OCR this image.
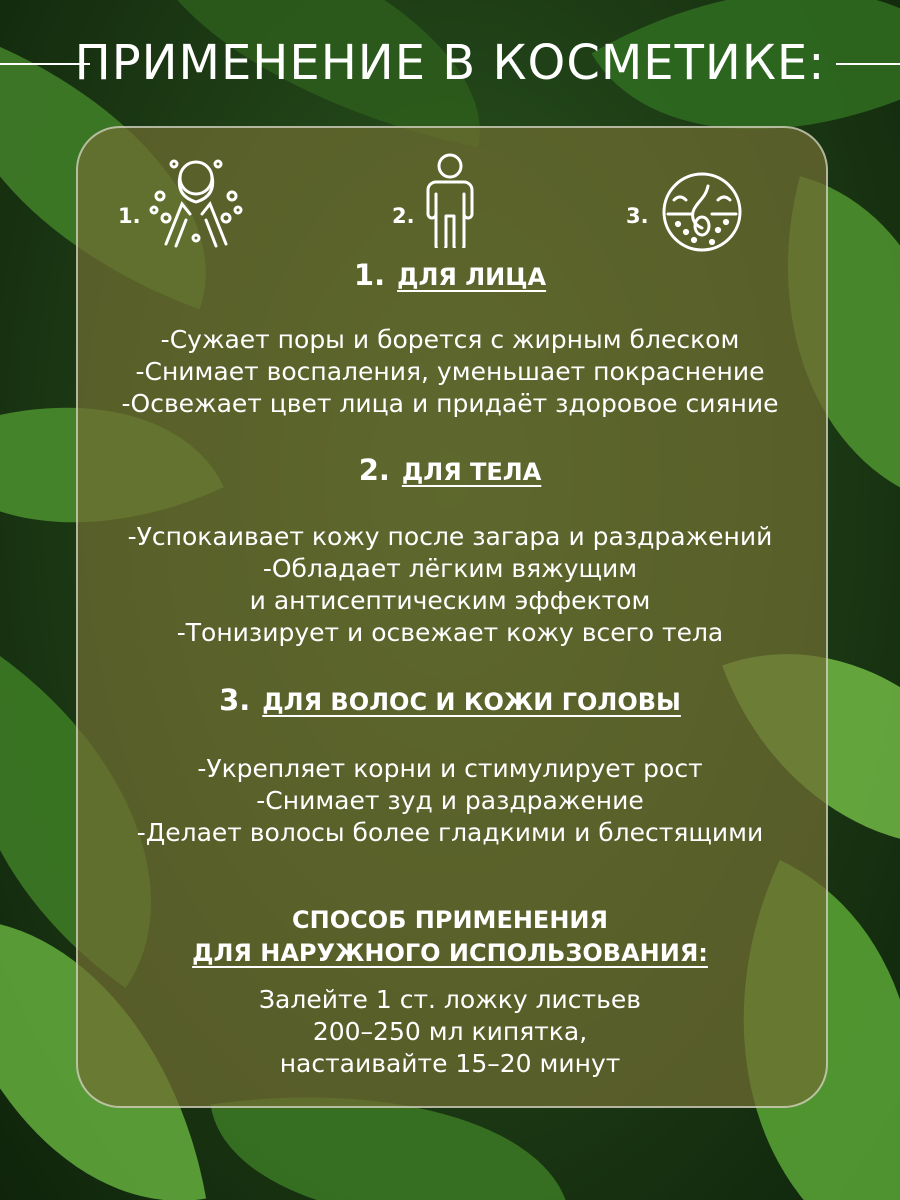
ПРИМЕНЕНИЕ В КОСМЕТИКЕ:
1.	2.	3.
1. ДЛЯ ЛИЦА
-Сужает поры и борется с жирным блеском
-Снимает воспаления, уменьшает покраснение
-Освежает цвет лица и придаёт здоровое сияние
2. ДЛЯ ТЕЛА
-Успокаивает кожу после загара и раздражений
-Обладает лёгким вяжущим
и антисептическим эффектом
-Тонизирует и освежает кожу всего тела
3. ДЛЯ ВОЛОС И КОЖИ ГОЛОВЫ
-Укрепляет корни и стимулирует рост
-Снимает зуд и раздражение
-Делает волосы более гладкими и блестящими
СПОСОБ ПРИМЕНЕНИЯ
ДЛЯ НАРУЖНОГО ИСПОЛЬЗОВАНИЯ:
Залейте 1 ст. ложку листьев
200–250 мл кипятка,
настаивайте 15–20 минут
